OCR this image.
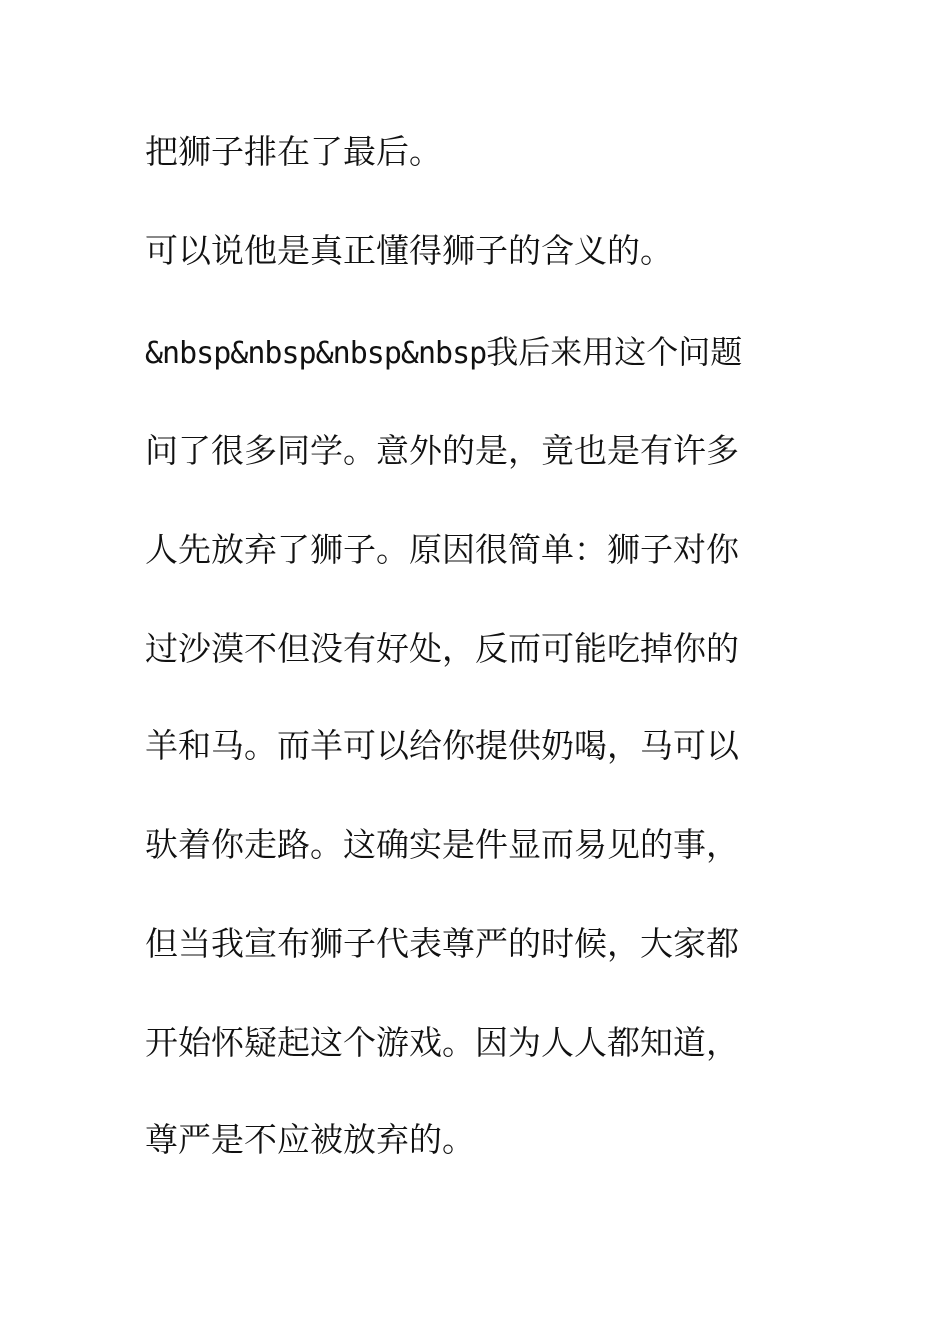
把狮子排在了最后。
可以说他是真正懂得狮子的含义的。
&nbsp&nbsp&nbsp&nbsp我后来用这个问题
问了很多同学。意外的是，竟也是有许多
人先放弃了狮子。原因很简单：狮子对你
过沙漠不但没有好处，反而可能吃掉你的
羊和马。而羊可以给你提供奶喝，马可以
驮着你走路。这确实是件显而易见的事，
但当我宣布狮子代表尊严的时候，大家都
开始怀疑起这个游戏。因为人人都知道，
尊严是不应被放弃的。
